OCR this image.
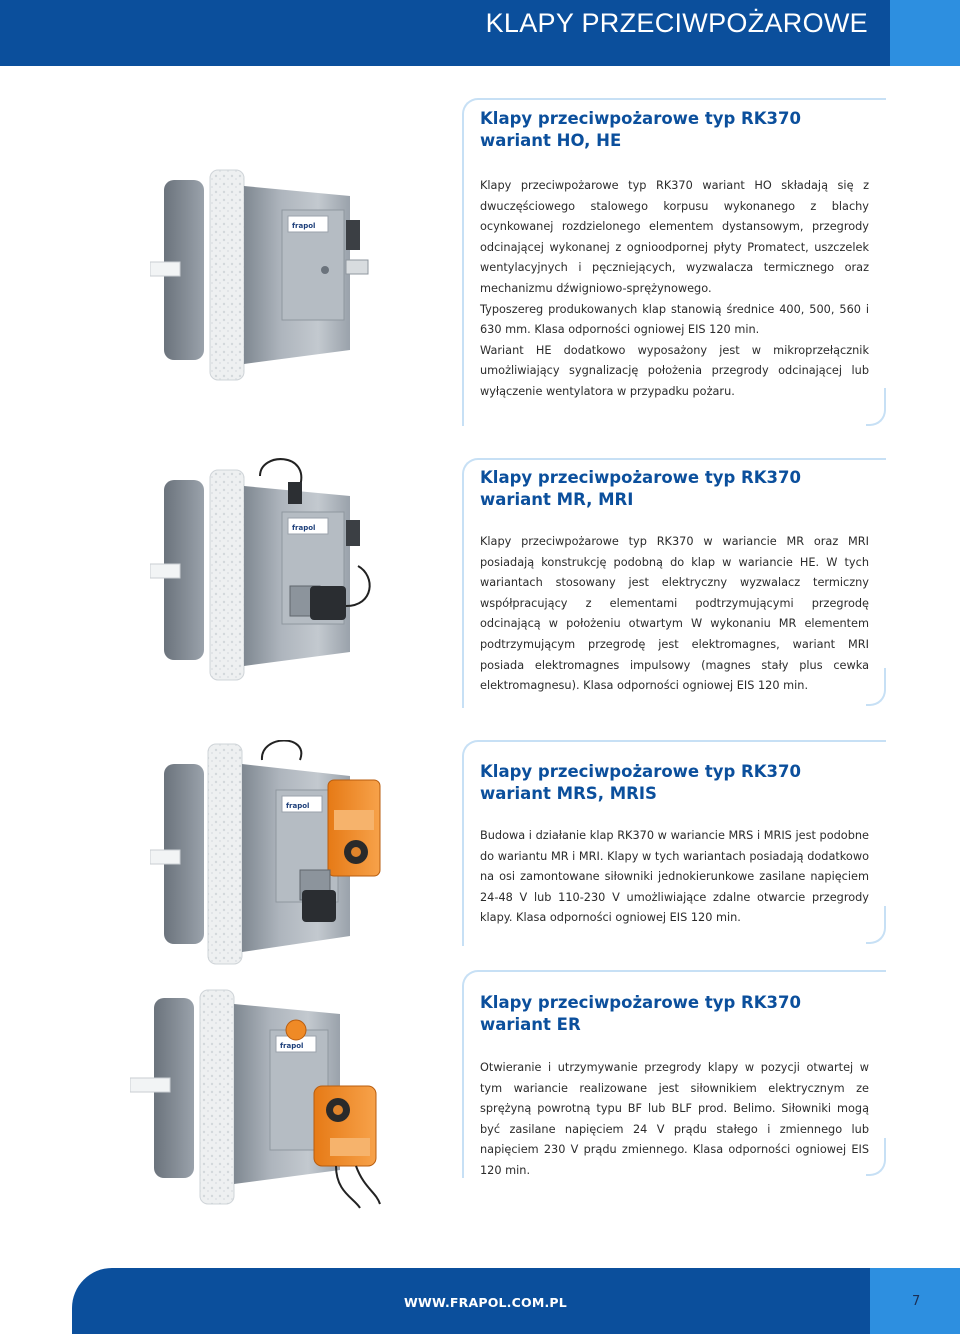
KLAPY PRZECIWPOŻAROWE
frapol
Klapy przeciwpożarowe typ RK370
wariant HO, HE

Klapy przeciwpożarowe typ RK370 wariant HO składają się z dwuczęściowego stalowego korpusu wykonanego z blachy ocynkowanej rozdzielonego elementem dystansowym, przegrody odcinającej wykonanej z ognioodpornej płyty Promatect, uszczelek wentylacyjnych i pęczniejących, wyzwalacza termicznego oraz mechanizmu dźwigniowo-sprężynowego.

Typoszereg produkowanych klap stanowią średnice 400, 500, 560 i 630 mm. Klasa odporności ogniowej EIS 120 min.

Wariant HE dodatkowo wyposażony jest w mikroprzełącznik umożliwiający sygnalizację położenia przegrody odcinającej lub wyłączenie wentylatora w przypadku pożaru.

frapol
Klapy przeciwpożarowe typ RK370
wariant MR, MRI

Klapy przeciwpożarowe typ RK370 w wariancie MR oraz MRI posiadają konstrukcję podobną do klap w wariancie HE. W tych wariantach stosowany jest elektryczny wyzwalacz termiczny współpracujący z elementami podtrzymującymi przegrodę odcinającą w położeniu otwartym W wykonaniu MR elementem podtrzymującym przegrodę jest elektromagnes, wariant MRI posiada elektromagnes impulsowy (magnes stały plus cewka elektromagnesu). Klasa odporności ogniowej EIS 120 min.

frapol
Klapy przeciwpożarowe typ RK370
wariant MRS, MRIS

Budowa i działanie klap RK370 w wariancie MRS i MRIS jest podobne do wariantu MR i MRI. Klapy w tych wariantach posiadają dodatkowo na osi zamontowane siłowniki jednokierunkowe zasilane napięciem 24-48 V lub 110-230 V umożliwiające zdalne otwarcie przegrody klapy. Klasa odporności ogniowej EIS 120 min.

frapol
Klapy przeciwpożarowe typ RK370
wariant ER

Otwieranie i utrzymywanie przegrody klapy w pozycji otwartej w tym wariancie realizowane jest siłownikiem elektrycznym ze sprężyną powrotną typu BF lub BLF prod. Belimo. Siłowniki mogą być zasilane napięciem 24 V prądu stałego i zmiennego lub napięciem 230 V prądu zmiennego. Klasa odporności ogniowej EIS 120 min.

WWW.FRAPOL.COM.PL	7
